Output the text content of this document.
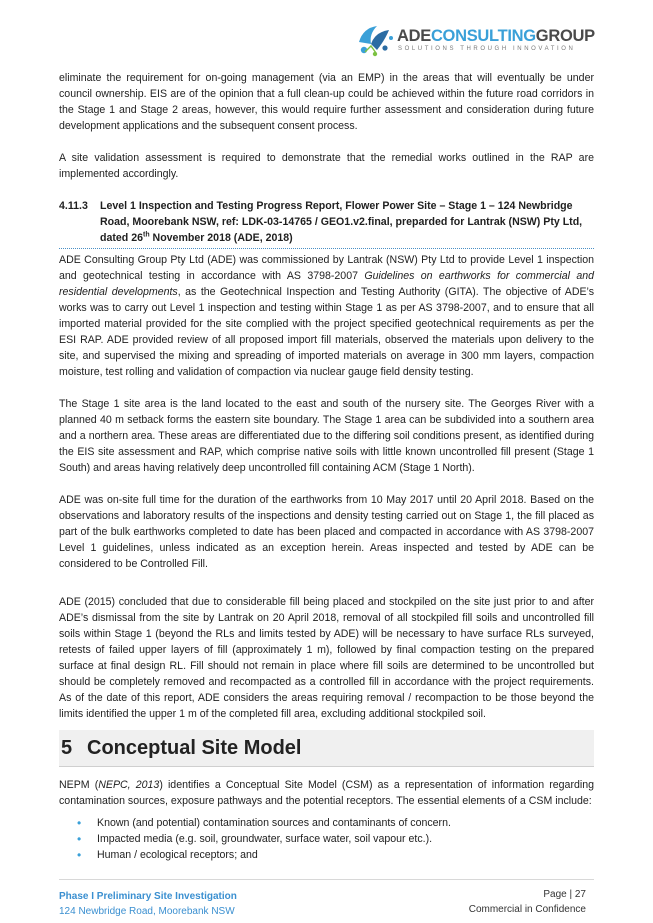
ADECONSULTINGGROUP
SOLUTIONS THROUGH INNOVATION

eliminate the requirement for on-going management (via an EMP) in the areas that will eventually be under council ownership. EIS are of the opinion that a full clean-up could be achieved within the future road corridors in the Stage 1 and Stage 2 areas, however, this would require further assessment and consideration during future development applications and the subsequent consent process.

A site validation assessment is required to demonstrate that the remedial works outlined in the RAP are implemented accordingly.

4.11.3	Level 1 Inspection and Testing Progress Report, Flower Power Site – Stage 1 – 124 Newbridge Road, Moorebank NSW, ref: LDK-03-14765 / GEO1.v2.final, preparded for Lantrak (NSW) Pty Ltd, dated 26th November 2018 (ADE, 2018)

ADE Consulting Group Pty Ltd (ADE) was commissioned by Lantrak (NSW) Pty Ltd to provide Level 1 inspection and geotechnical testing in accordance with AS 3798-2007 Guidelines on earthworks for commercial and residential developments, as the Geotechnical Inspection and Testing Authority (GITA). The objective of ADE’s works was to carry out Level 1 inspection and testing within Stage 1 as per AS 3798-2007, and to ensure that all imported material provided for the site complied with the project specified geotechnical requirements as per the ESI RAP. ADE provided review of all proposed import fill materials, observed the materials upon delivery to the site, and supervised the mixing and spreading of imported materials on average in 300 mm layers, compaction moisture, test rolling and validation of compaction via nuclear gauge field density testing.

The Stage 1 site area is the land located to the east and south of the nursery site. The Georges River with a planned 40 m setback forms the eastern site boundary. The Stage 1 area can be subdivided into a southern area and a northern area. These areas are differentiated due to the differing soil conditions present, as identified during the EIS site assessment and RAP, which comprise native soils with little known uncontrolled fill present (Stage 1 South) and areas having relatively deep uncontrolled fill containing ACM (Stage 1 North).

ADE was on-site full time for the duration of the earthworks from 10 May 2017 until 20 April 2018. Based on the observations and laboratory results of the inspections and density testing carried out on Stage 1, the fill placed as part of the bulk earthworks completed to date has been placed and compacted in accordance with AS 3798-2007 Level 1 guidelines, unless indicated as an exception herein. Areas inspected and tested by ADE can be considered to be Controlled Fill.

ADE (2015) concluded that due to considerable fill being placed and stockpiled on the site just prior to and after ADE’s dismissal from the site by Lantrak on 20 April 2018, removal of all stockpiled fill soils and uncontrolled fill soils within Stage 1 (beyond the RLs and limits tested by ADE) will be necessary to have surface RLs surveyed, retests of failed upper layers of fill (approximately 1 m), followed by final compaction testing on the prepared surface at final design RL. Fill should not remain in place where fill soils are determined to be uncontrolled but should be completely removed and recompacted as a controlled fill in accordance with the project requirements. As of the date of this report, ADE considers the areas requiring removal / recompaction to be those beyond the limits identified the upper 1 m of the completed fill area, excluding additional stockpiled soil.

5 Conceptual Site Model

NEPM (NEPC, 2013) identifies a Conceptual Site Model (CSM) as a representation of information regarding contamination sources, exposure pathways and the potential receptors. The essential elements of a CSM include:

•	Known (and potential) contamination sources and contaminants of concern.
•	Impacted media (e.g. soil, groundwater, surface water, soil vapour etc.).
•	Human / ecological receptors; and
Phase I Preliminary Site Investigation
124 Newbridge Road, Moorebank NSW
Page | 27
Commercial in Confidence
